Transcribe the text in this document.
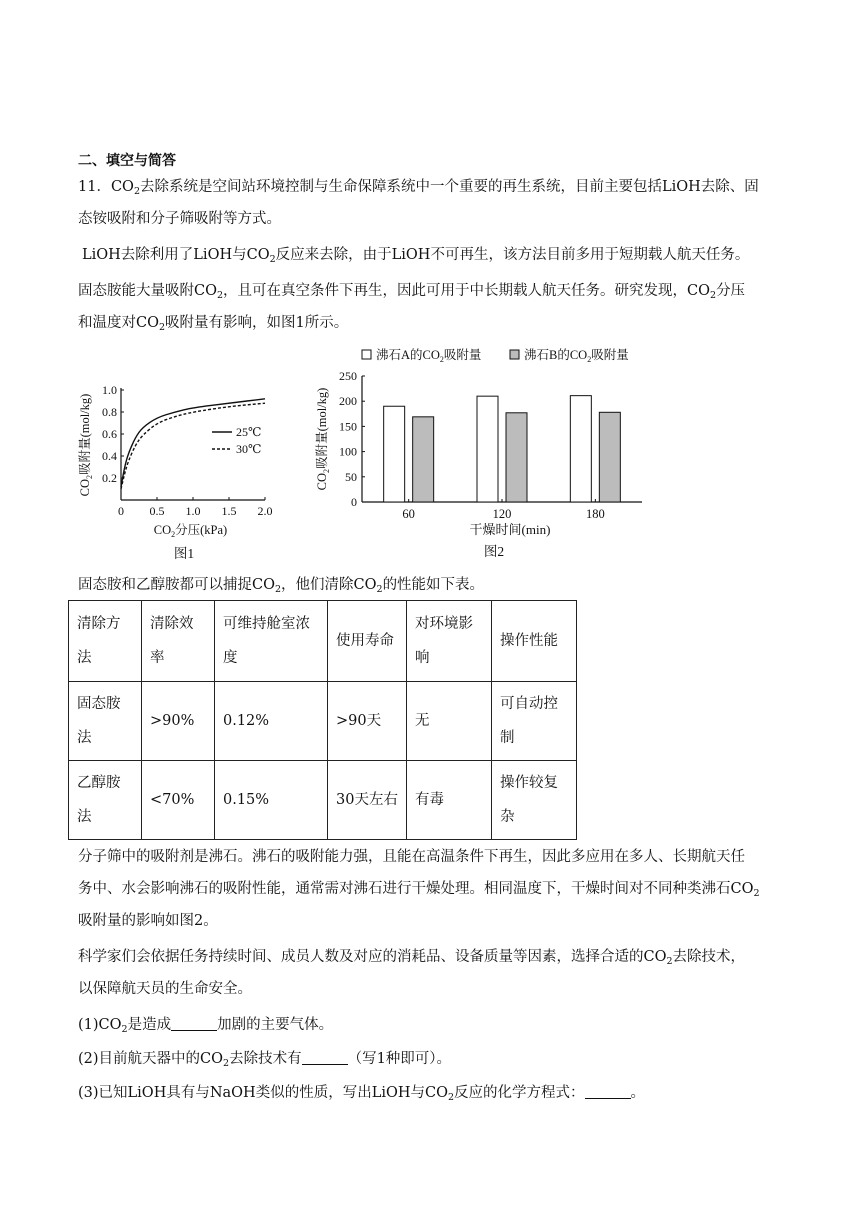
二、填空与简答
11．$CO_2$去除系统是空间站环境控制与生命保障系统中一个重要的再生系统，目前主要包括LiOH去除、固
态铵吸附和分子筛吸附等方式。
LiOH去除利用了LiOH与$CO_2$反应来去除，由于LiOH不可再生，该方法目前多用于短期载人航天任务。
固态胺能大量吸附$CO_2$，且可在真空条件下再生，因此可用于中长期载人航天任务。研究发现，$CO_2$分压
和温度对$CO_2$吸附量有影响，如图1所示。
0 0.5 1.0 1.5 2.0
0.2
0.4
0.6
0.8
1.0
$CO_2$分压(kPa)
$CO_2$吸附量(mol/kg)
图1
25℃
30℃
沸石A的$CO_2$吸附量	沸石B的$CO_2$吸附量
0
50
100
150
200
250
60	120	180
干燥时间(min)
$CO_2$吸附量(mol/kg)
图2
固态胺和乙醇胺都可以捕捉$CO_2$，他们清除$CO_2$的性能如下表。
清除方法	清除效率	可维持舱室浓度	使用寿命	对环境影响	操作性能
固态胺法	>90%	0.12%	>90天	无	可自动控制
乙醇胺法	<70%	0.15%	30天左右	有毒	操作较复杂
分子筛中的吸附剂是沸石。沸石的吸附能力强，且能在高温条件下再生，因此多应用在多人、长期航天任
务中、水会影响沸石的吸附性能，通常需对沸石进行干燥处理。相同温度下，干燥时间对不同种类沸石$CO_2$
吸附量的影响如图2。
科学家们会依据任务持续时间、成员人数及对应的消耗品、设备质量等因素，选择合适的$CO_2$去除技术，
以保障航天员的生命安全。
$(1)CO_2$是造成	加剧的主要气体。
(2)目前航天器中的$CO_2$去除技术有	（写1种即可）。
(3)已知LiOH具有与NaOH类似的性质，写出LiOH与$CO_2$反应的化学方程式：	。
